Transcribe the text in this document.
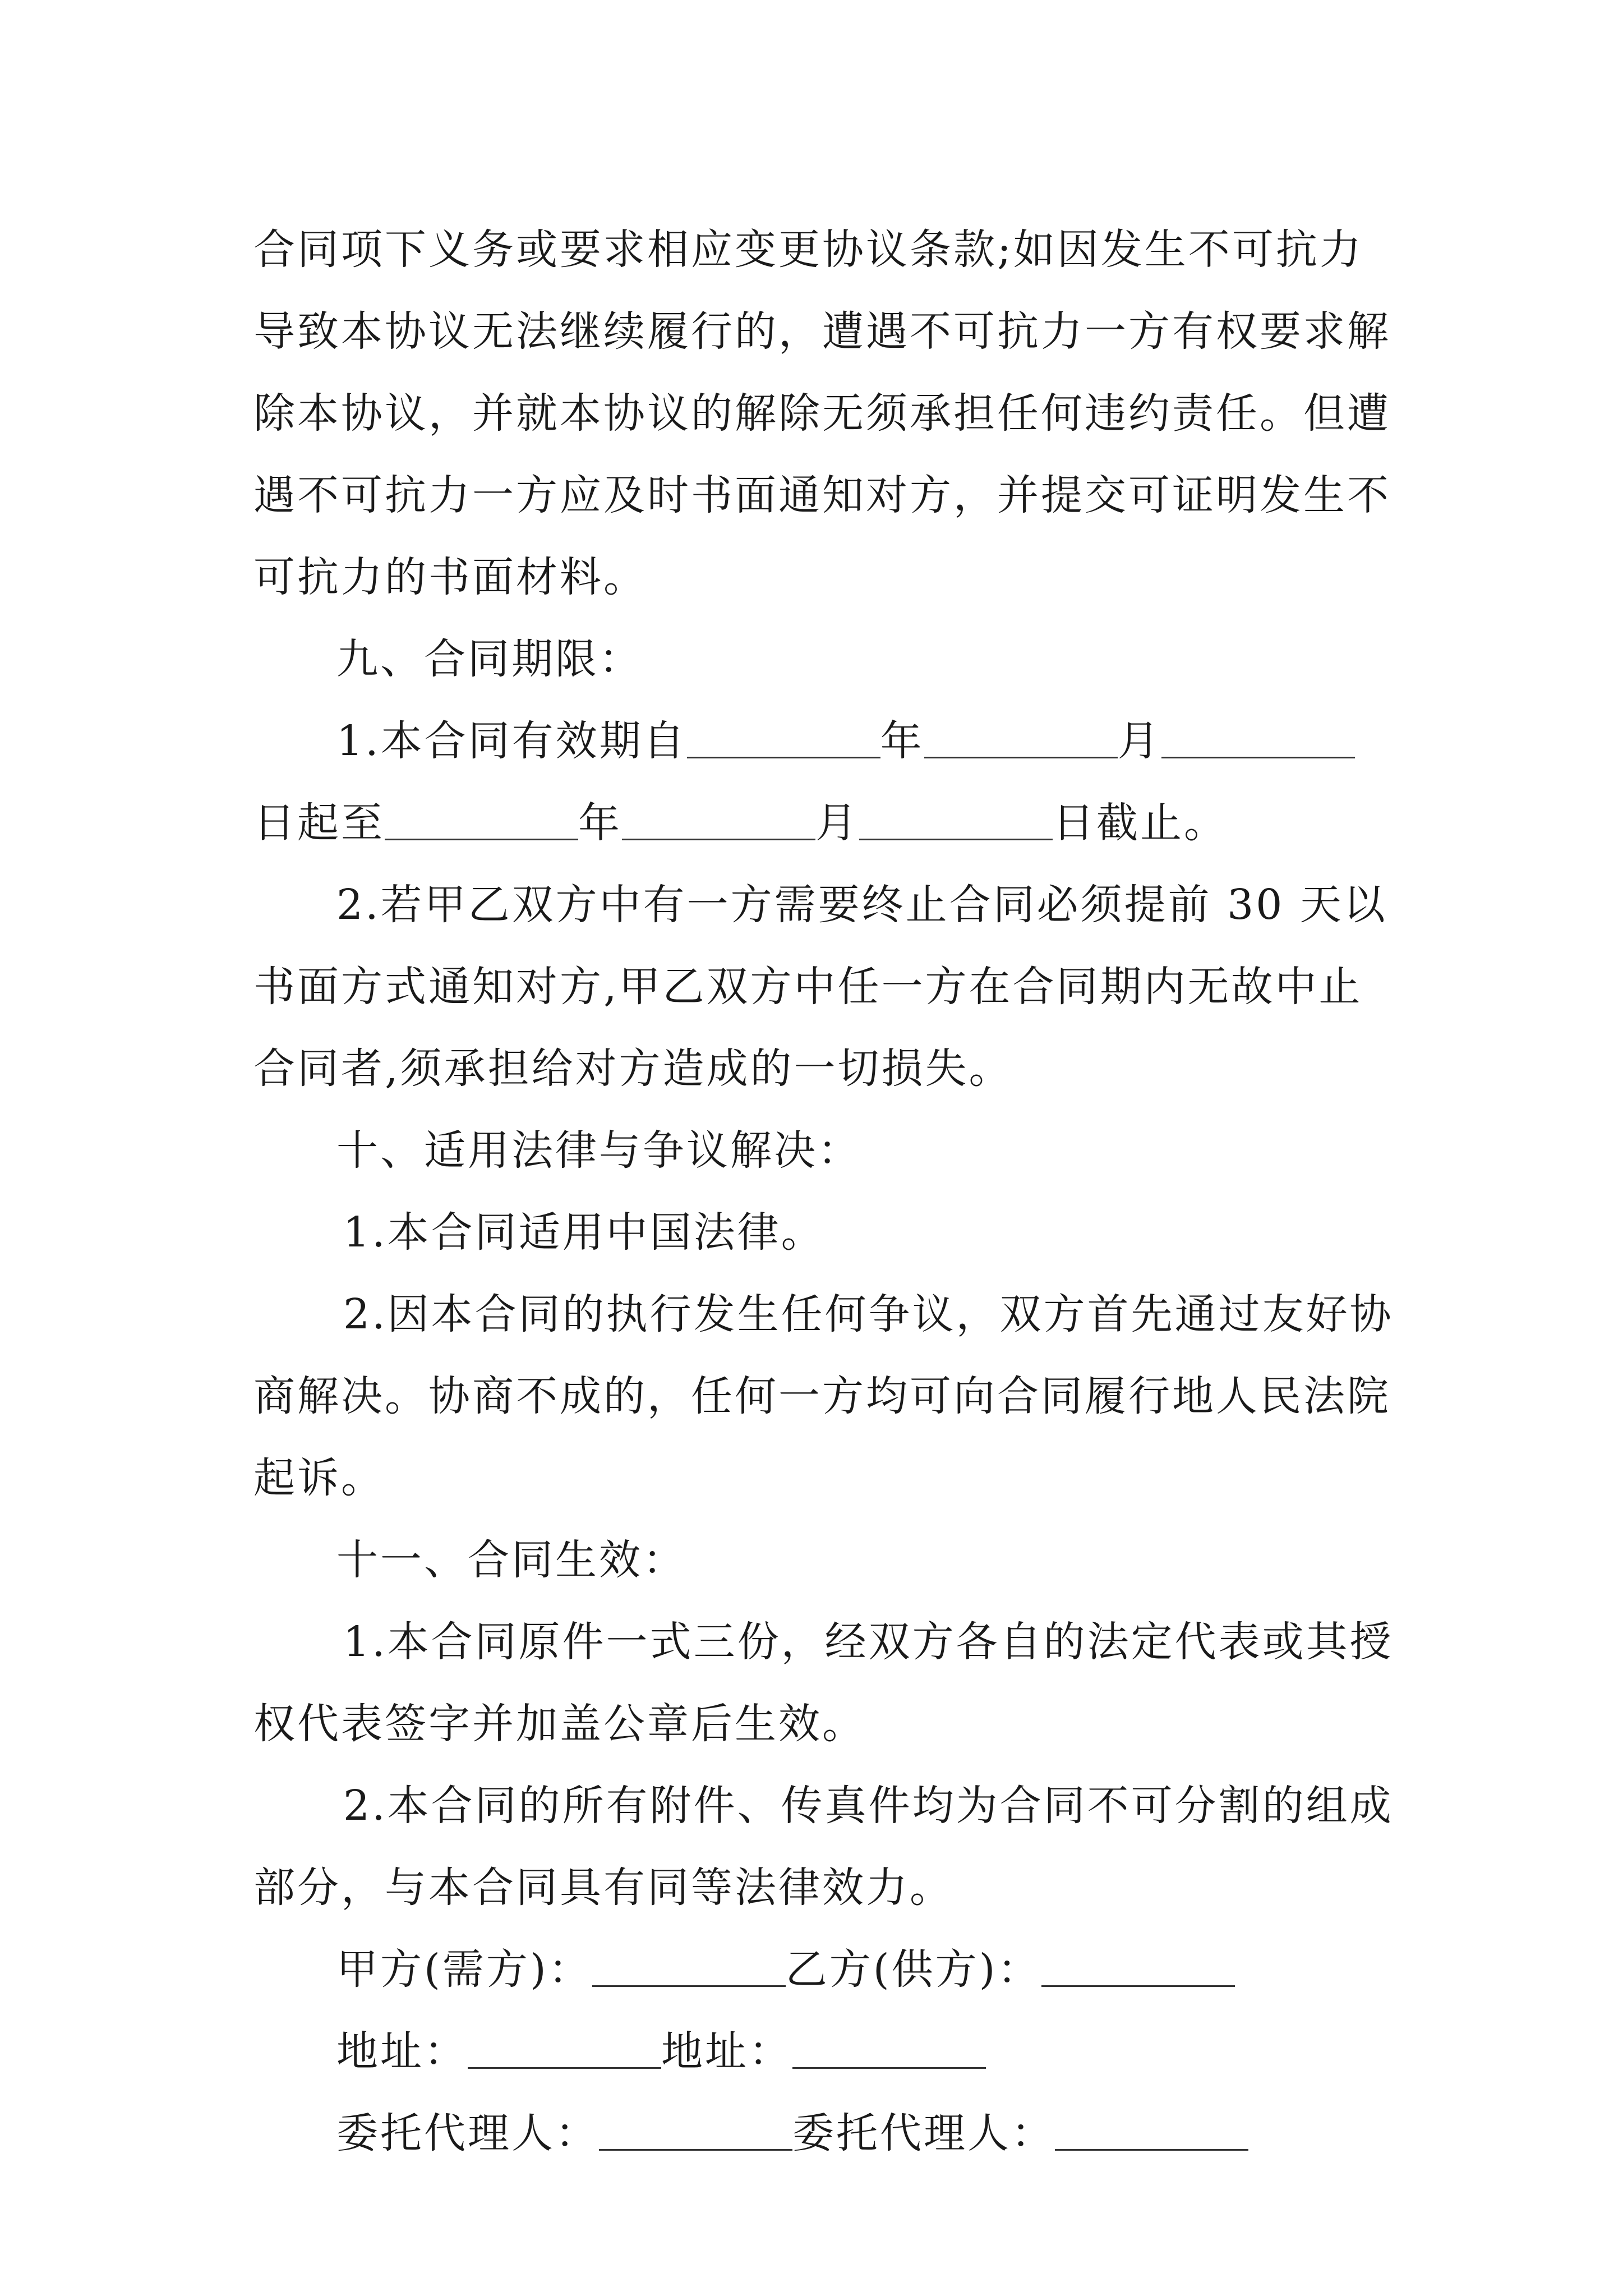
合同项下义务或要求相应变更协议条款;如因发生不可抗力
导致本协议无法继续履行的，遭遇不可抗力一方有权要求解
除本协议，并就本协议的解除无须承担任何违约责任。但遭
遇不可抗力一方应及时书面通知对方，并提交可证明发生不
可抗力的书面材料。
九、合同期限：
1.本合同有效期自	年	月
日起至	年	月	日截止。
2.若甲乙双方中有一方需要终止合同必须提前 30 天以
书面方式通知对方,甲乙双方中任一方在合同期内无故中止
合同者,须承担给对方造成的一切损失。
十、适用法律与争议解决：
1.本合同适用中国法律。
2.因本合同的执行发生任何争议，双方首先通过友好协
商解决。协商不成的，任何一方均可向合同履行地人民法院
起诉。
十一、合同生效：
1.本合同原件一式三份，经双方各自的法定代表或其授
权代表签字并加盖公章后生效。
2.本合同的所有附件、传真件均为合同不可分割的组成
部分，与本合同具有同等法律效力。
甲方(需方)：	乙方(供方)：
地址：	地址：
委托代理人：	委托代理人：
